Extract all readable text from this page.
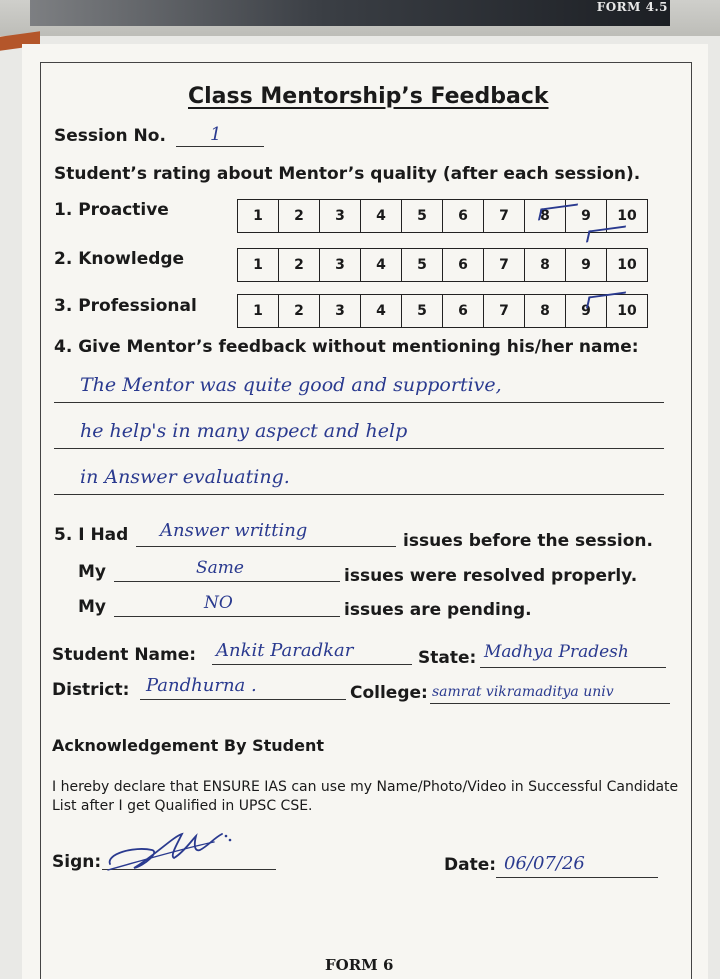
FORM 4.5
Class Mentorship’s Feedback
Session No. 1
Student’s rating about Mentor’s quality (after each session).
1. Proactive	1	2	3	4	5	6	7	8	9	10
2. Knowledge	1	2	3	4	5	6	7	8	9	10
3. Professional	1	2	3	4	5	6	7	8	9	10
4. Give Mentor’s feedback without mentioning his/her name:
The Mentor was quite good and supportive,
he help's in many aspect and help
in Answer evaluating.
5. I Had Answer writting	issues before the session.
My	Same	issues were resolved properly.
My	NO	issues are pending.
Student Name: Ankit Paradkar	State: Madhya Pradesh
District: Pandhurna .	College: samrat vikramaditya univ
Acknowledgement By Student
I hereby declare that ENSURE IAS can use my Name/Photo/Video in Successful Candidate List after I get Qualified in UPSC CSE.
Sign:	Date: 06/07/26
FORM 6
